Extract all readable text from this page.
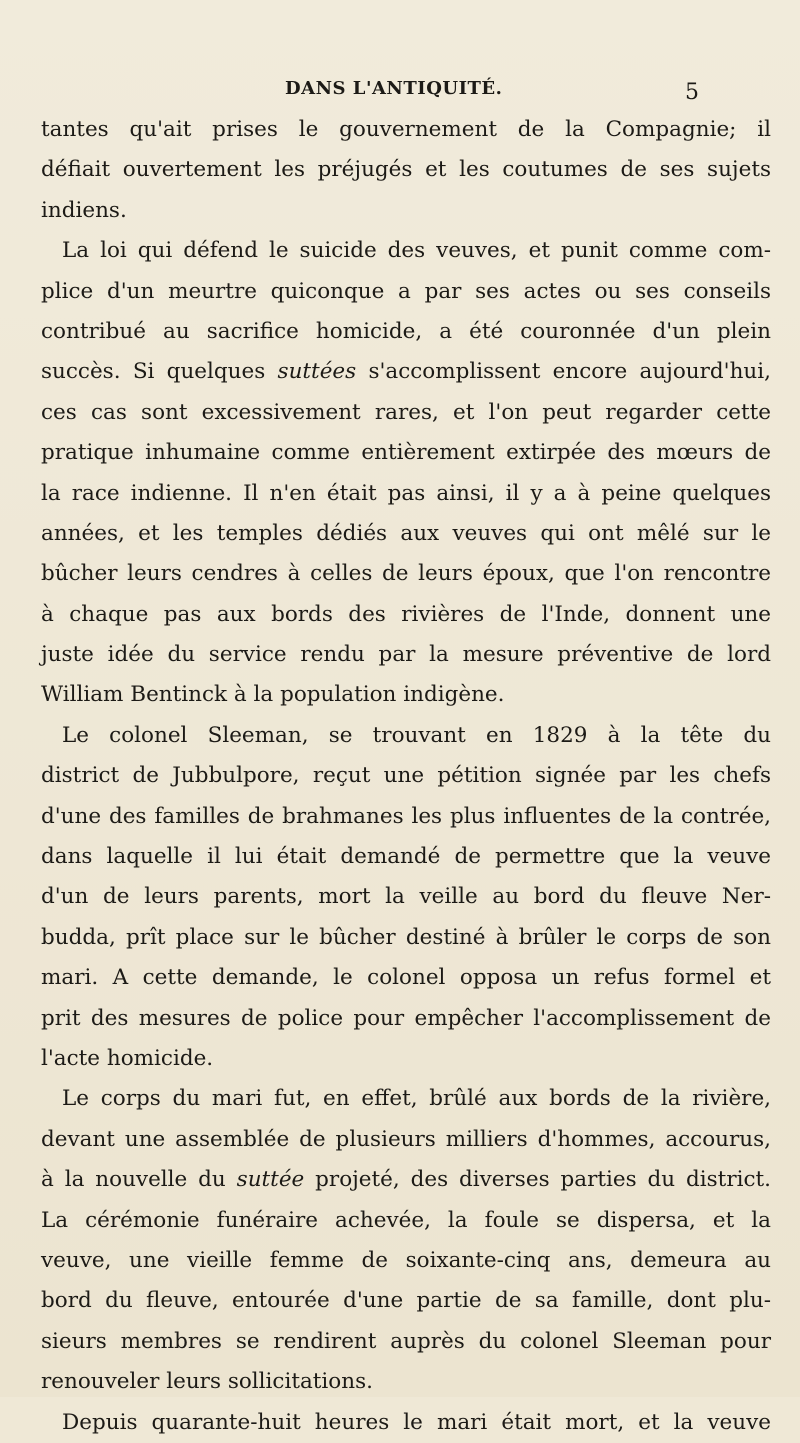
DANS L'ANTIQUITÉ.	5
tantes qu'ait prises le gouvernement de la Compagnie; il
défiait ouvertement les préjugés et les coutumes de ses sujets
indiens.
La loi qui défend le suicide des veuves, et punit comme com-
plice d'un meurtre quiconque a par ses actes ou ses conseils
contribué au sacrifice homicide, a été couronnée d'un plein
succès. Si quelques suttées s'accomplissent encore aujourd'hui,
ces cas sont excessivement rares, et l'on peut regarder cette
pratique inhumaine comme entièrement extirpée des mœurs de
la race indienne. Il n'en était pas ainsi, il y a à peine quelques
années, et les temples dédiés aux veuves qui ont mêlé sur le
bûcher leurs cendres à celles de leurs époux, que l'on rencontre
à chaque pas aux bords des rivières de l'Inde, donnent une
juste idée du service rendu par la mesure préventive de lord
William Bentinck à la population indigène.
Le colonel Sleeman, se trouvant en 1829 à la tête du
district de Jubbulpore, reçut une pétition signée par les chefs
d'une des familles de brahmanes les plus influentes de la contrée,
dans laquelle il lui était demandé de permettre que la veuve
d'un de leurs parents, mort la veille au bord du fleuve Ner-
budda, prît place sur le bûcher destiné à brûler le corps de son
mari. A cette demande, le colonel opposa un refus formel et
prit des mesures de police pour empêcher l'accomplissement de
l'acte homicide.
Le corps du mari fut, en effet, brûlé aux bords de la rivière,
devant une assemblée de plusieurs milliers d'hommes, accourus,
à la nouvelle du suttée projeté, des diverses parties du district.
La cérémonie funéraire achevée, la foule se dispersa, et la
veuve, une vieille femme de soixante-cinq ans, demeura au
bord du fleuve, entourée d'une partie de sa famille, dont plu-
sieurs membres se rendirent auprès du colonel Sleeman pour
renouveler leurs sollicitations.
Depuis quarante-huit heures le mari était mort, et la veuve
